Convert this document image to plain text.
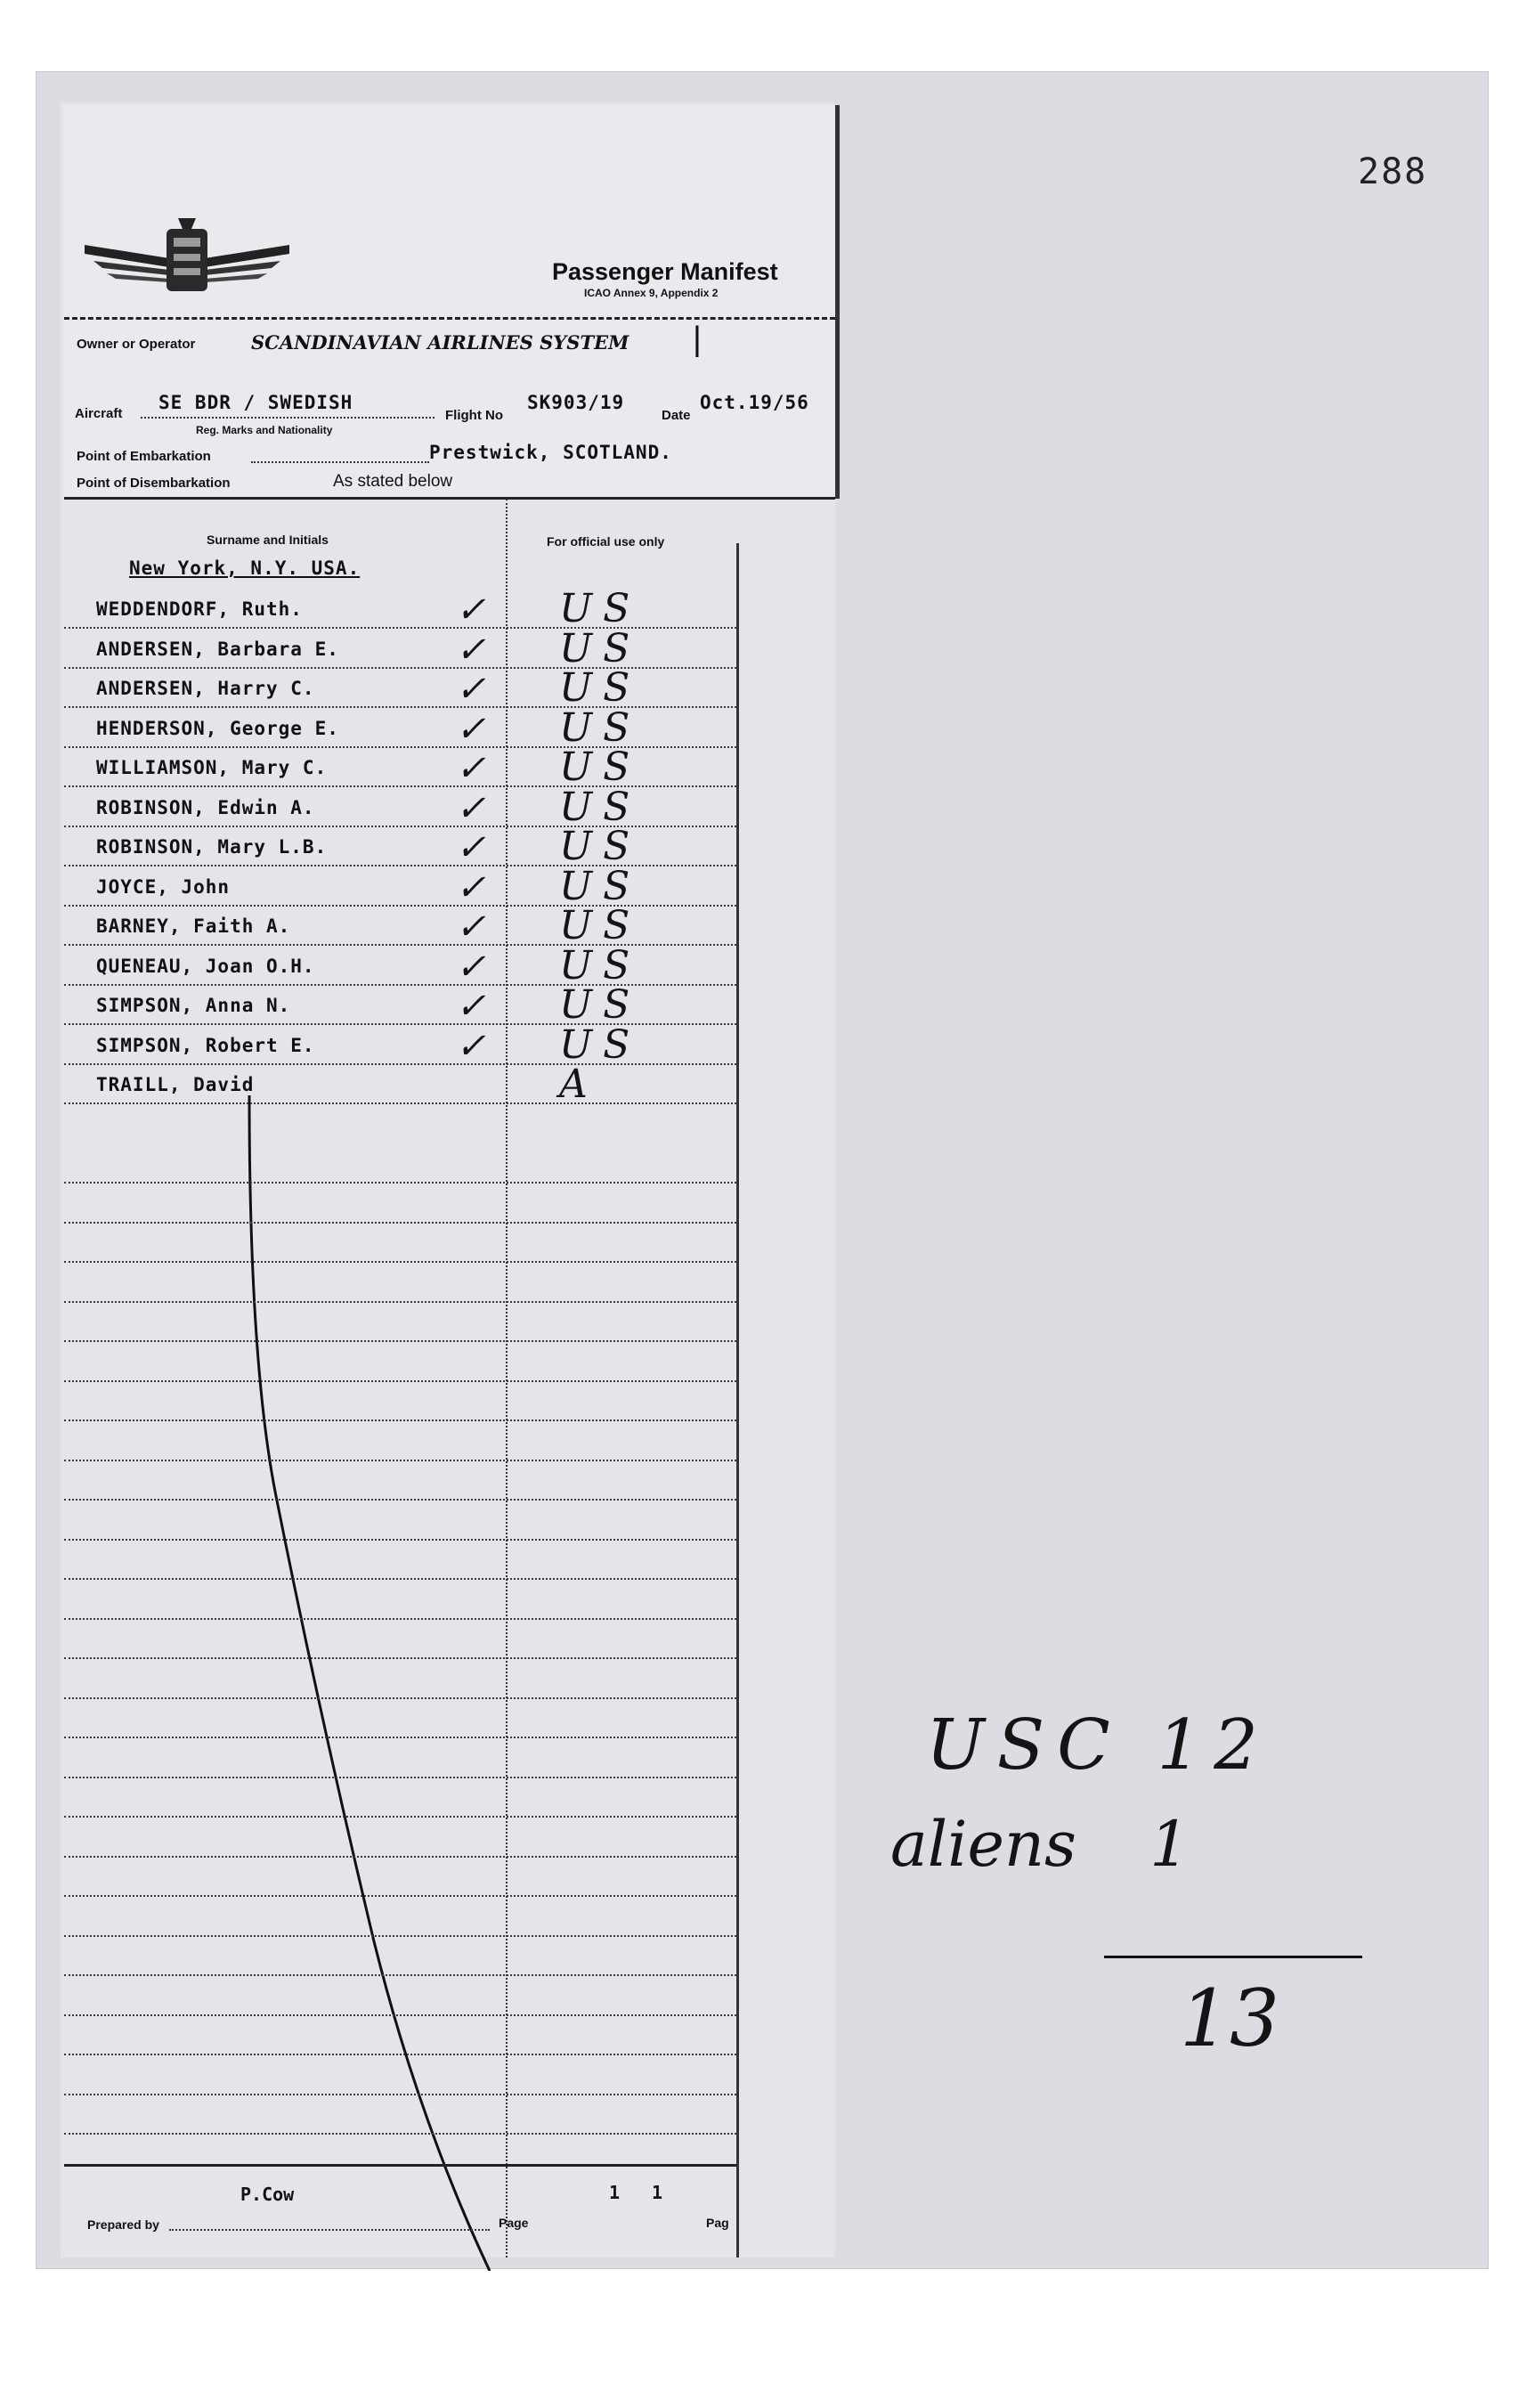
288
Passenger Manifest
ICAO Annex 9, Appendix 2
Owner or Operator	SCANDINAVIAN AIRLINES SYSTEM |
Aircraft
SE BDR / SWEDISH
Reg. Marks and Nationality
Flight No
SK903/19
Date
Oct.19/56
Point of Embarkation	Prestwick, SCOTLAND.
Point of Disembarkation	As stated below
Surname and Initials	For official use only
New York, N.Y. USA.
P.Cow
Prepared by	Page
1 1
Pag
USC 12
aliens 1
13
WEDDENDORF, Ruth.	✓ US
ANDERSEN, Barbara E.	✓ US
ANDERSEN, Harry C.	✓ US
HENDERSON, George E.	✓ US
WILLIAMSON, Mary C.	✓ US
ROBINSON, Edwin A.	✓ US
ROBINSON, Mary L.B.	✓ US
JOYCE, John	✓ US
BARNEY, Faith A.	✓ US
QUENEAU, Joan O.H.	✓ US
SIMPSON, Anna N.	✓ US
SIMPSON, Robert E.	✓ US
TRAILL, David	A
